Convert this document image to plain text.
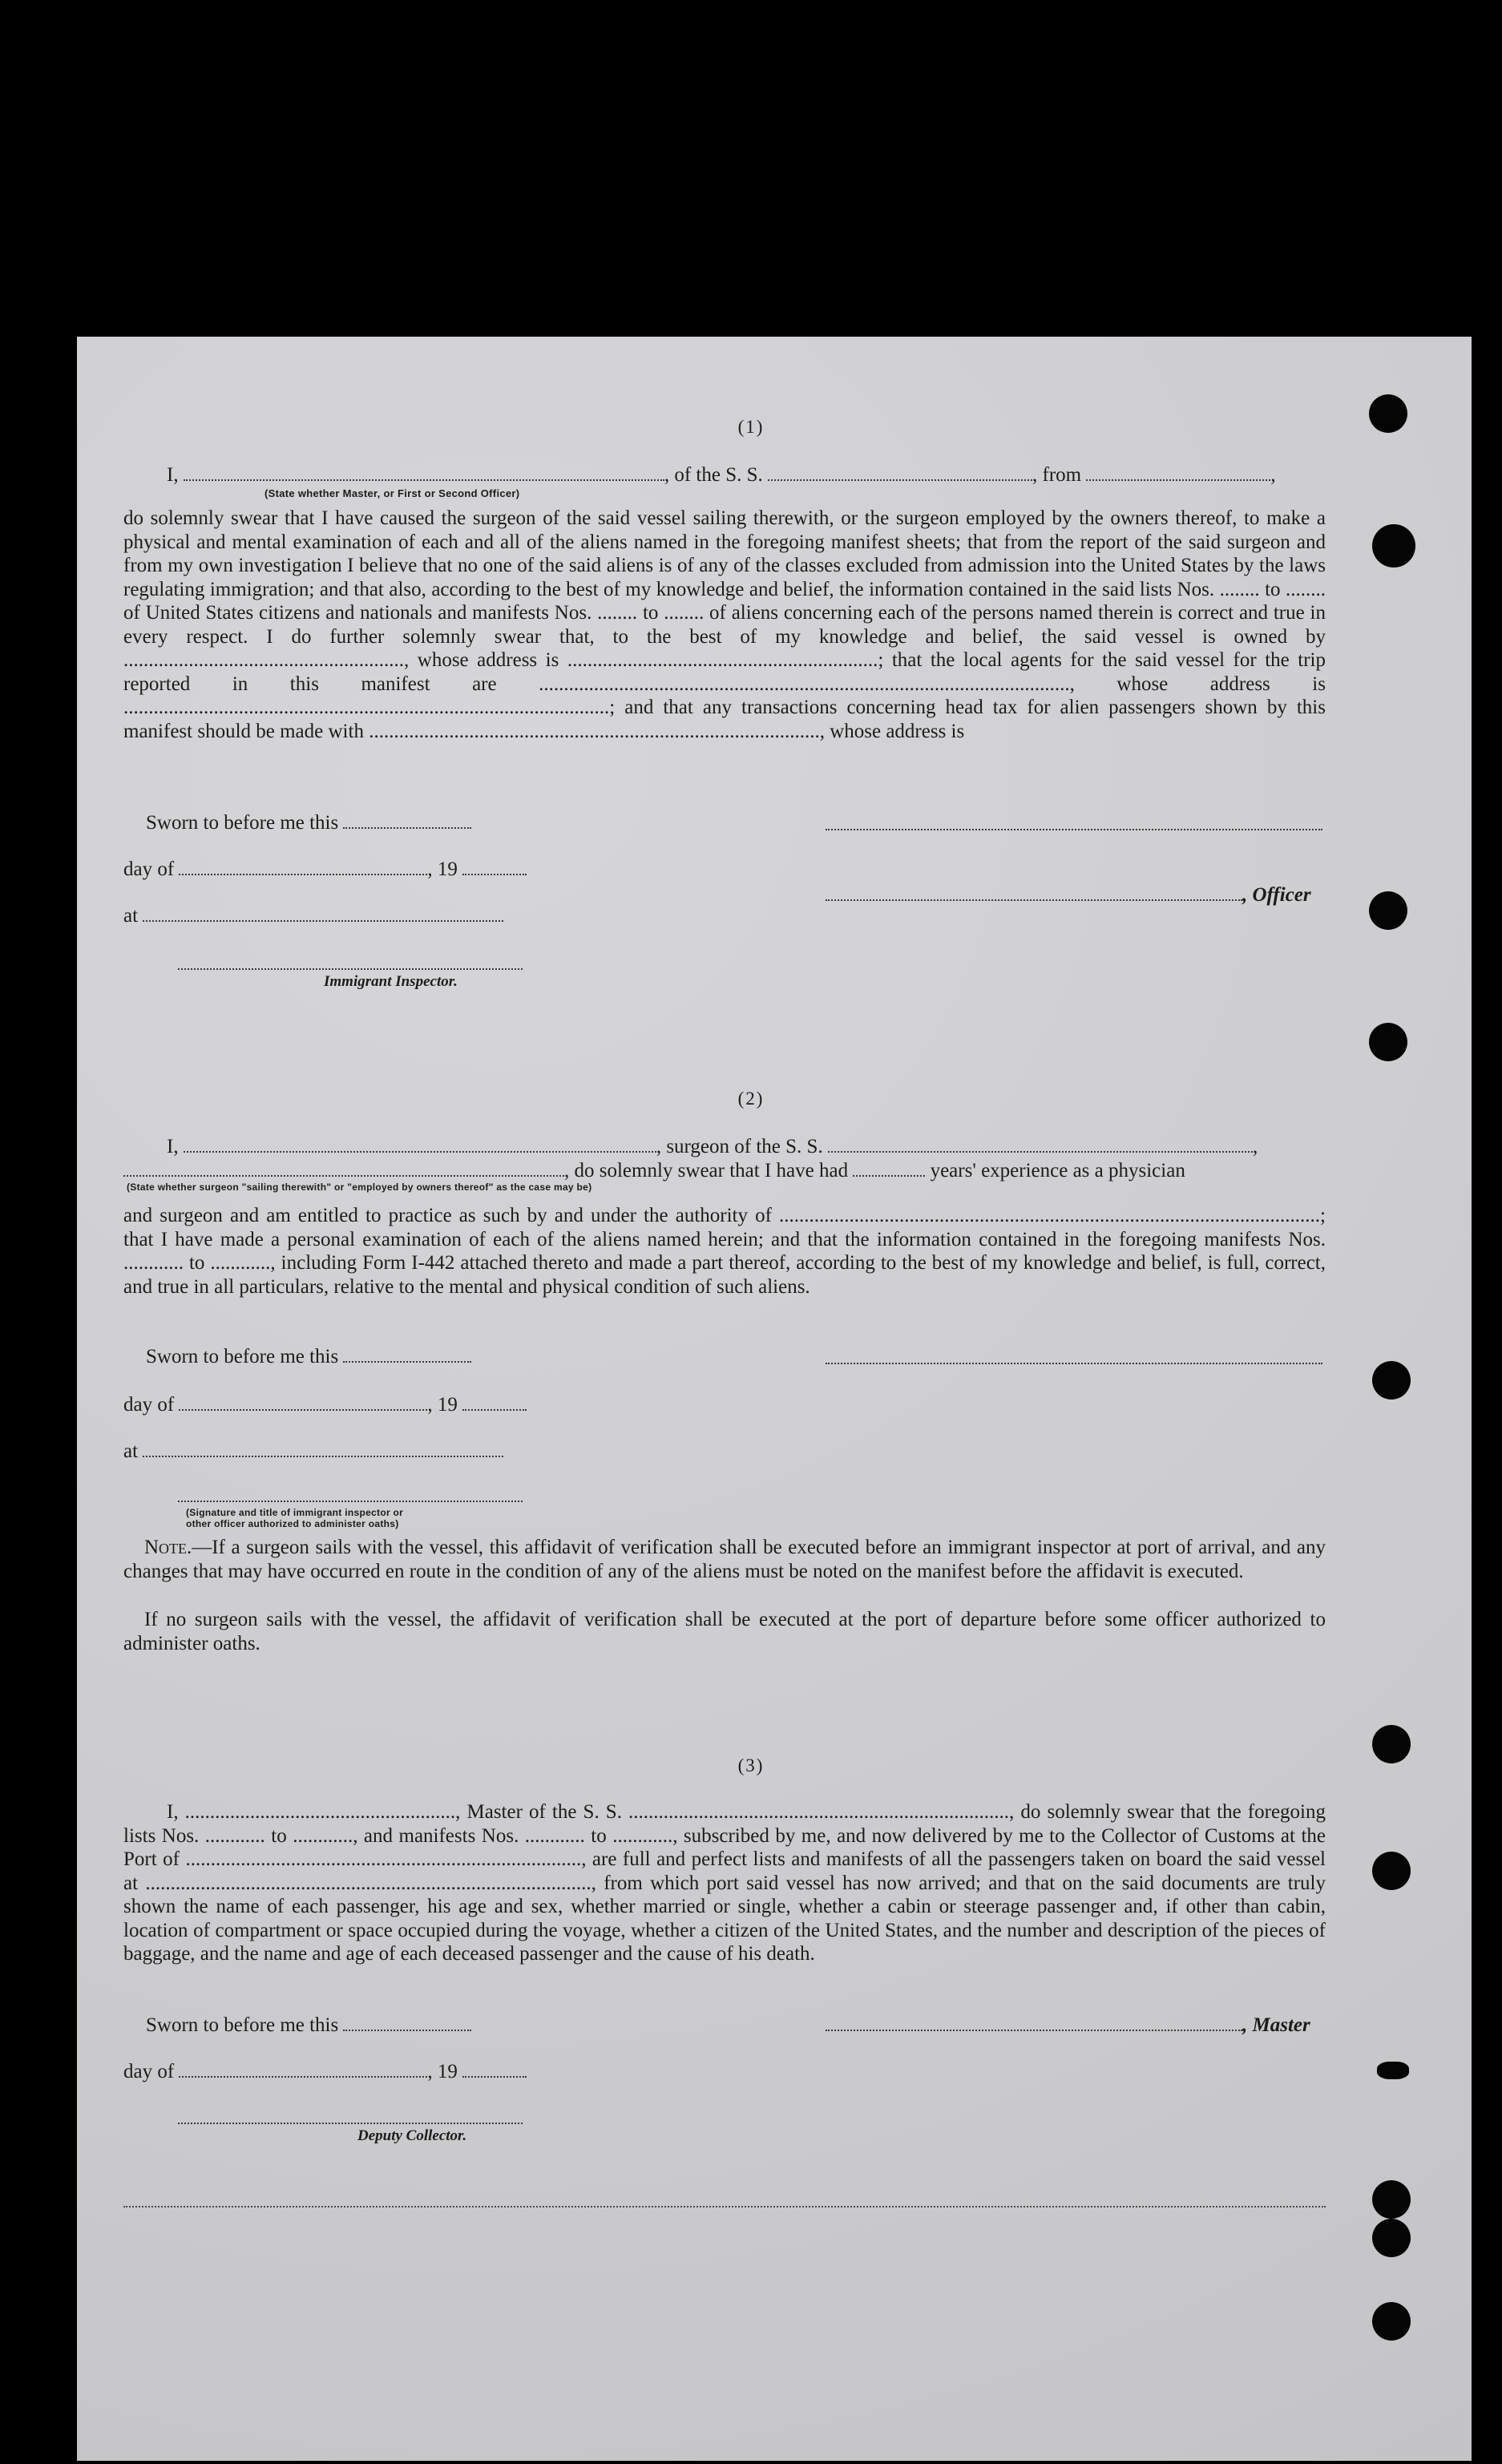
(1)
I,	, of the S. S.	, from	,
(State whether Master, or First or Second Officer)
do solemnly swear that I have caused the surgeon of the said vessel sailing therewith, or the surgeon employed by the owners thereof, to make a physical and mental examination of each and all of the aliens named in the foregoing manifest sheets; that from the report of the said surgeon and from my own investigation I believe that no one of the said aliens is of any of the classes excluded from admission into the United States by the laws regulating immigration; and that also, according to the best of my knowledge and belief, the information contained in the said lists Nos. ........ to ........ of United States citizens and nationals and manifests Nos. ........ to ........ of aliens concerning each of the persons named therein is correct and true in every respect. I do further solemnly swear that, to the best of my knowledge and belief, the said vessel is owned by ........................................................, whose address is ..............................................................; that the local agents for the said vessel for the trip reported in this manifest are .........................................................................................................., whose address is .................................................................................................; and that any transactions concerning head tax for alien passengers shown by this manifest should be made with .........................................................................................., whose address is
Sworn to before me this
day of	, 19
, Officer
at
Immigrant Inspector.
(2)
I,	, surgeon of the S. S.	,
, do solemnly swear that I have had	years' experience as a physician
(State whether surgeon "sailing therewith" or "employed by owners thereof" as the case may be)
and surgeon and am entitled to practice as such by and under the authority of ............................................................................................................; that I have made a personal examination of each of the aliens named herein; and that the information contained in the foregoing manifests Nos. ............ to ............, including Form I-442 attached thereto and made a part thereof, according to the best of my knowledge and belief, is full, correct, and true in all particulars, relative to the mental and physical condition of such aliens.
Sworn to before me this
day of	, 19
at
(Signature and title of immigrant inspector or
other officer authorized to administer oaths)
Note.—If a surgeon sails with the vessel, this affidavit of verification shall be executed before an immigrant inspector at port of arrival, and any changes that may have occurred en route in the condition of any of the aliens must be noted on the manifest before the affidavit is executed.
If no surgeon sails with the vessel, the affidavit of verification shall be executed at the port of departure before some officer authorized to administer oaths.
(3)
I, ......................................................, Master of the S. S. ............................................................................, do solemnly swear that the foregoing lists Nos. ............ to ............, and manifests Nos. ............ to ............, subscribed by me, and now delivered by me to the Collector of Customs at the Port of ..............................................................................., are full and perfect lists and manifests of all the passengers taken on board the said vessel at ........................................................................................., from which port said vessel has now arrived; and that on the said documents are truly shown the name of each passenger, his age and sex, whether married or single, whether a cabin or steerage passenger and, if other than cabin, location of compartment or space occupied during the voyage, whether a citizen of the United States, and the number and description of the pieces of baggage, and the name and age of each deceased passenger and the cause of his death.
Sworn to before me this	, Master
day of	, 19
Deputy Collector.
